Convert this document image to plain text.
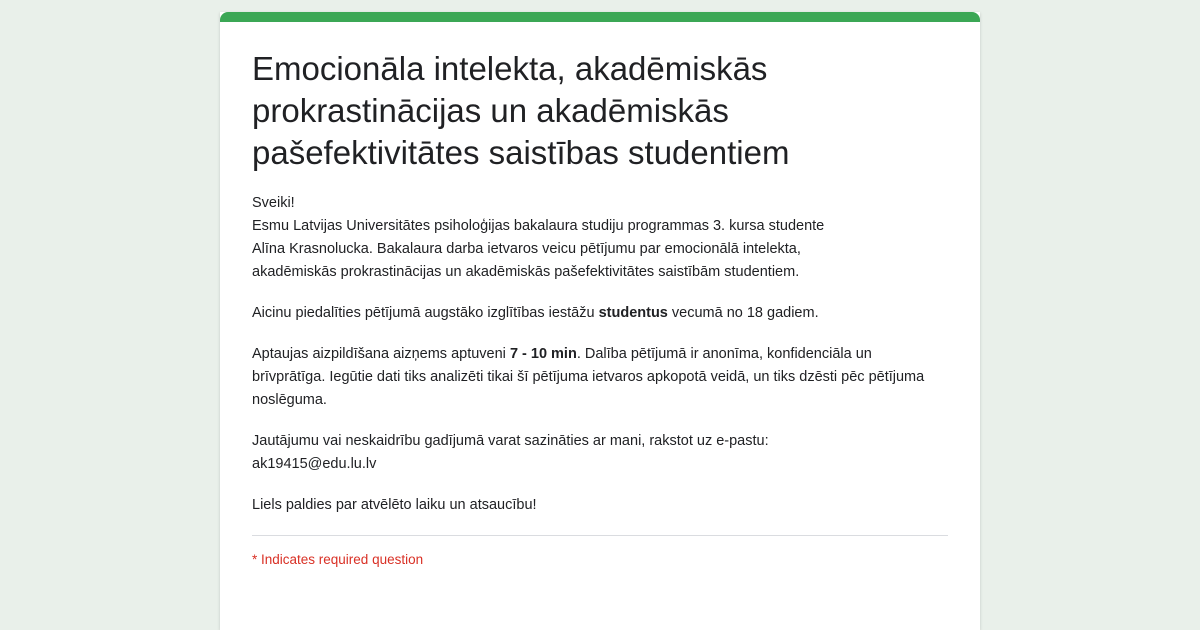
Emocionāla intelekta, akadēmiskās prokrastinācijas un akadēmiskās pašefektivitātes saistības studentiem

Sveiki!

Esmu Latvijas Universitātes psiholoģijas bakalaura studiju programmas 3. kursa studente

Alīna Krasnolucka. Bakalaura darba ietvaros veicu pētījumu par emocionālā intelekta,

akadēmiskās prokrastinācijas un akadēmiskās pašefektivitātes saistībām studentiem.

Aicinu piedalīties pētījumā augstāko izglītības iestāžu studentus vecumā no 18 gadiem.

Aptaujas aizpildīšana aizņems aptuveni 7 - 10 min. Dalība pētījumā ir anonīma, konfidenciāla un brīvprātīga. Iegūtie dati tiks analizēti tikai šī pētījuma ietvaros apkopotā veidā, un tiks dzēsti pēc pētījuma noslēguma.

Jautājumu vai neskaidrību gadījumā varat sazināties ar mani, rakstot uz e-pastu:

ak19415@edu.lu.lv

Liels paldies par atvēlēto laiku un atsaucību!

* Indicates required question
